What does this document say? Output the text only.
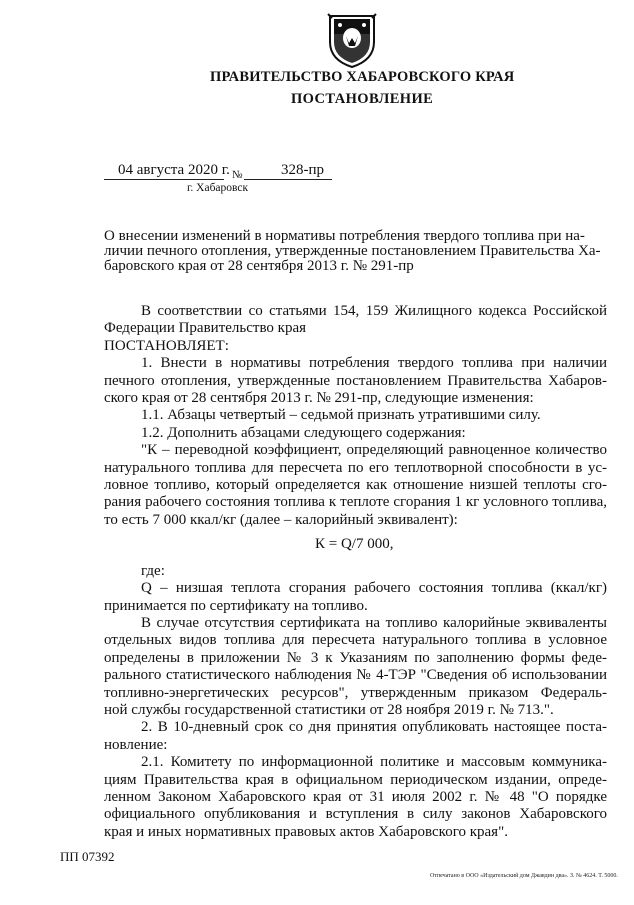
ПРАВИТЕЛЬСТВО ХАБАРОВСКОГО КРАЯ
ПОСТАНОВЛЕНИЕ
04 августа 2020 г. №	328-пр
г. Хабаровск
О внесении изменений в нормативы потребления твердого топлива при на-
личии печного отопления, утвержденные постановлением Правительства Ха-
баровского края от 28 сентября 2013 г. № 291-пр

В соответствии со статьями 154, 159 Жилищного кодекса Российской

Федерации Правительство края

ПОСТАНОВЛЯЕТ:

1. Внести в нормативы потребления твердого топлива при наличии

печного отопления, утвержденные постановлением Правительства Хабаров-

ского края от 28 сентября 2013 г. № 291-пр, следующие изменения:

1.1. Абзацы четвертый – седьмой признать утратившими силу.

1.2. Дополнить абзацами следующего содержания:

"К – переводной коэффициент, определяющий равноценное количество

натурального топлива для пересчета по его теплотворной способности в ус-

ловное топливо, который определяется как отношение низшей теплоты сго-

рания рабочего состояния топлива к теплоте сгорания 1 кг условного топлива,

то есть 7 000 ккал/кг (далее – калорийный эквивалент):

К = Q/7 000,

где:

Q – низшая теплота сгорания рабочего состояния топлива (ккал/кг)

принимается по сертификату на топливо.

В случае отсутствия сертификата на топливо калорийные эквиваленты

отдельных видов топлива для пересчета натурального топлива в условное

определены в приложении № 3 к Указаниям по заполнению формы феде-

рального статистического наблюдения № 4-ТЭР "Сведения об использовании

топливно-энергетических ресурсов", утвержденным приказом Федераль-

ной службы государственной статистики от 28 ноября 2019 г. № 713.".

2. В 10-дневный срок со дня принятия опубликовать настоящее поста-

новление:

2.1. Комитету по информационной политике и массовым коммуника-

циям Правительства края в официальном периодическом издании, опреде-

ленном Законом Хабаровского края от 31 июля 2002 г. № 48 "О порядке

официального опубликования и вступления в силу законов Хабаровского

края и иных нормативных правовых актов Хабаровского края".

ПП 07392
Отпечатано в ООО «Издательский дом Джавдин два». З. № 4624. Т. 5000.
